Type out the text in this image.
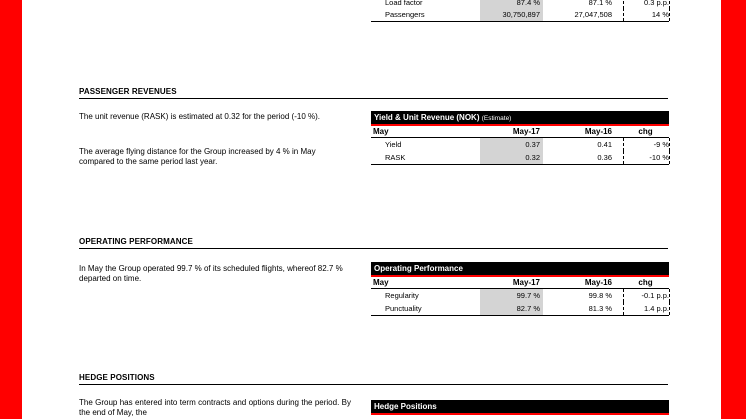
Load factor	87.4 %	87.1 %	0.3 p.p.
Passengers	30,750,897	27,047,508	14 %
PASSENGER REVENUES
The unit revenue (RASK) is estimated at 0.32 for the period (-10 %).
The average flying distance for the Group increased by 4 % in May compared to the same period last year.
Yield & Unit Revenue (NOK) (Estimate)
May	May-17	May-16	chg
Yield	0.37	0.41	-9 %
RASK	0.32	0.36	-10 %
OPERATING PERFORMANCE
In May the Group operated 99.7 % of its scheduled flights, whereof 82.7 % departed on time.
Operating Performance
May	May-17	May-16	chg
Regularity	99.7 %	99.8 %	-0.1 p.p.
Punctuality	82.7 %	81.3 %	1.4 p.p.
HEDGE POSITIONS
The Group has entered into term contracts and options during the period. By the end of May, the
Hedge Positions
